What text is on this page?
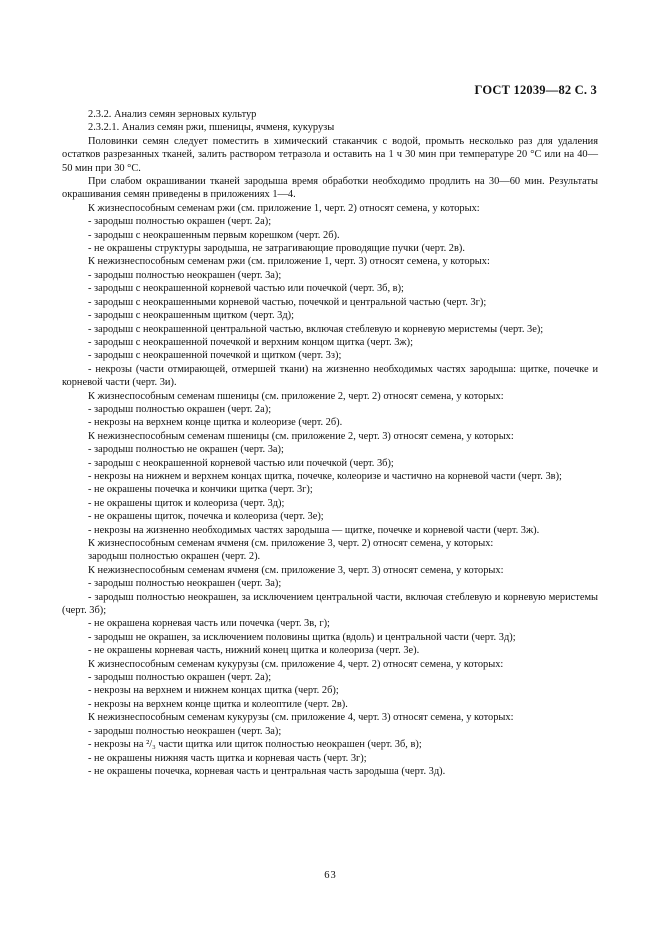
ГОСТ 12039—82 С. 3

2.3.2. Анализ семян зерновых культур

2.3.2.1. Анализ семян ржи, пшеницы, ячменя, кукурузы

Половинки семян следует поместить в химический стаканчик с водой, промыть несколько раз для удаления остатков разрезанных тканей, залить раствором тетразола и оставить на 1 ч 30 мин при температуре 20 °С или на 40—50 мин при 30 °С.

При слабом окрашивании тканей зародыша время обработки необходимо продлить на 30—60 мин. Результаты окрашивания семян приведены в приложениях 1—4.

К жизнеспособным семенам ржи (см. приложение 1, черт. 2) относят семена, у которых:

- зародыш полностью окрашен (черт. 2а);

- зародыш с неокрашенным первым корешком (черт. 2б).

- не окрашены структуры зародыша, не затрагивающие проводящие пучки (черт. 2в).

К нежизнеспособным семенам ржи (см. приложение 1, черт. 3) относят семена, у которых:

- зародыш полностью неокрашен (черт. 3а);

- зародыш с неокрашенной корневой частью или почечкой (черт. 3б, в);

- зародыш с неокрашенными корневой частью, почечкой и центральной частью (черт. 3г);

- зародыш с неокрашенным щитком (черт. 3д);

- зародыш с неокрашенной центральной частью, включая стеблевую и корневую меристемы (черт. 3е);

- зародыш с неокрашенной почечкой и верхним концом щитка (черт. 3ж);

- зародыш с неокрашенной почечкой и щитком (черт. 3з);

- некрозы (части отмирающей, отмершей ткани) на жизненно необходимых частях зародыша: щитке, почечке и корневой части (черт. 3и).

К жизнеспособным семенам пшеницы (см. приложение 2, черт. 2) относят семена, у которых:

- зародыш полностью окрашен (черт. 2а);

- некрозы на верхнем конце щитка и колеоризе (черт. 2б).

К нежизнеспособным семенам пшеницы (см. приложение 2, черт. 3) относят семена, у которых:

- зародыш полностью не окрашен (черт. 3а);

- зародыш с неокрашенной корневой частью или почечкой (черт. 3б);

- некрозы на нижнем и верхнем концах щитка, почечке, колеоризе и частично на корневой части (черт. 3в);

- не окрашены почечка и кончики щитка (черт. 3г);

- не окрашены щиток и колеориза (черт. 3д);

- не окрашены щиток, почечка и колеориза (черт. 3е);

- некрозы на жизненно необходимых частях зародыша — щитке, почечке и корневой части (черт. 3ж).

К жизнеспособным семенам ячменя (см. приложение 3, черт. 2) относят семена, у которых:

зародыш полностью окрашен (черт. 2).

К нежизнеспособным семенам ячменя (см. приложение 3, черт. 3) относят семена, у которых:

- зародыш полностью неокрашен (черт. 3а);

- зародыш полностью неокрашен, за исключением центральной части, включая стеблевую и корневую меристемы (черт. 3б);

- не окрашена корневая часть или почечка (черт. 3в, г);

- зародыш не окрашен, за исключением половины щитка (вдоль) и центральной части (черт. 3д);

- не окрашены корневая часть, нижний конец щитка и колеориза (черт. 3е).

К жизнеспособным семенам кукурузы (см. приложение 4, черт. 2) относят семена, у которых:

- зародыш полностью окрашен (черт. 2а);

- некрозы на верхнем и нижнем концах щитка (черт. 2б);

- некрозы на верхнем конце щитка и колеоптиле (черт. 2в).

К нежизнеспособным семенам кукурузы (см. приложение 4, черт. 3) относят семена, у которых:

- зародыш полностью неокрашен (черт. 3а);

- некрозы на ²/₃ части щитка или щиток полностью неокрашен (черт. 3б, в);

- не окрашены нижняя часть щитка и корневая часть (черт. 3г);

- не окрашены почечка, корневая часть и центральная часть зародыша (черт. 3д).

63
